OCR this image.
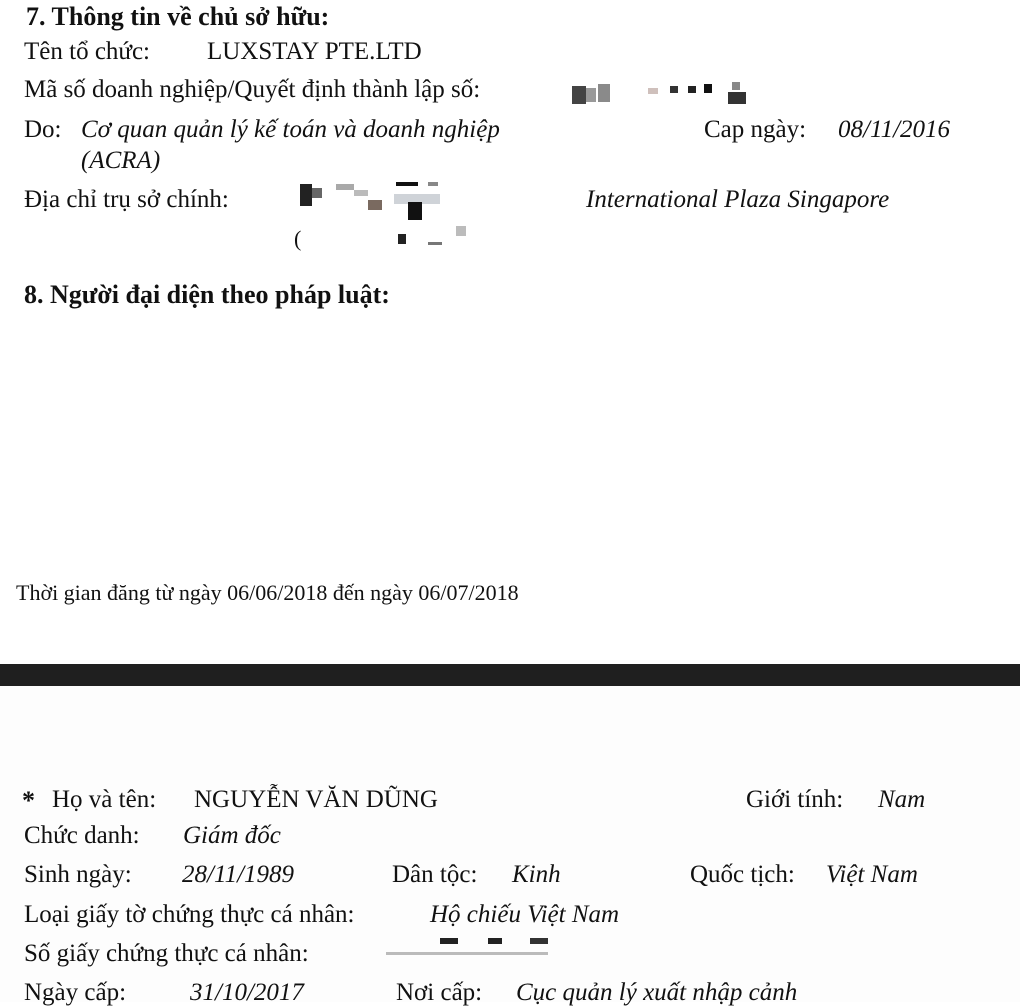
7. Thông tin về chủ sở hữu:
Tên tổ chức: LUXSTAY PTE.LTD
Mã số doanh nghiệp/Quyết định thành lập số:
Do: Cơ quan quản lý kế toán và doanh nghiệp
(ACRA)
Cap ngày: 08/11/2016
Địa chỉ trụ sở chính:	International Plaza Singapore
(
8. Người đại diện theo pháp luật:
Thời gian đăng từ ngày 06/06/2018 đến ngày 06/07/2018
* Họ và tên: NGUYỄN VĂN DŨNG	Giới tính: Nam
Chức danh: Giám đốc
Sinh ngày: 28/11/1989	Dân tộc: Kinh	Quốc tịch: Việt Nam
Loại giấy tờ chứng thực cá nhân:	Hộ chiếu Việt Nam
Số giấy chứng thực cá nhân:
Ngày cấp:	31/10/2017	Nơi cấp: Cục quản lý xuất nhập cảnh
